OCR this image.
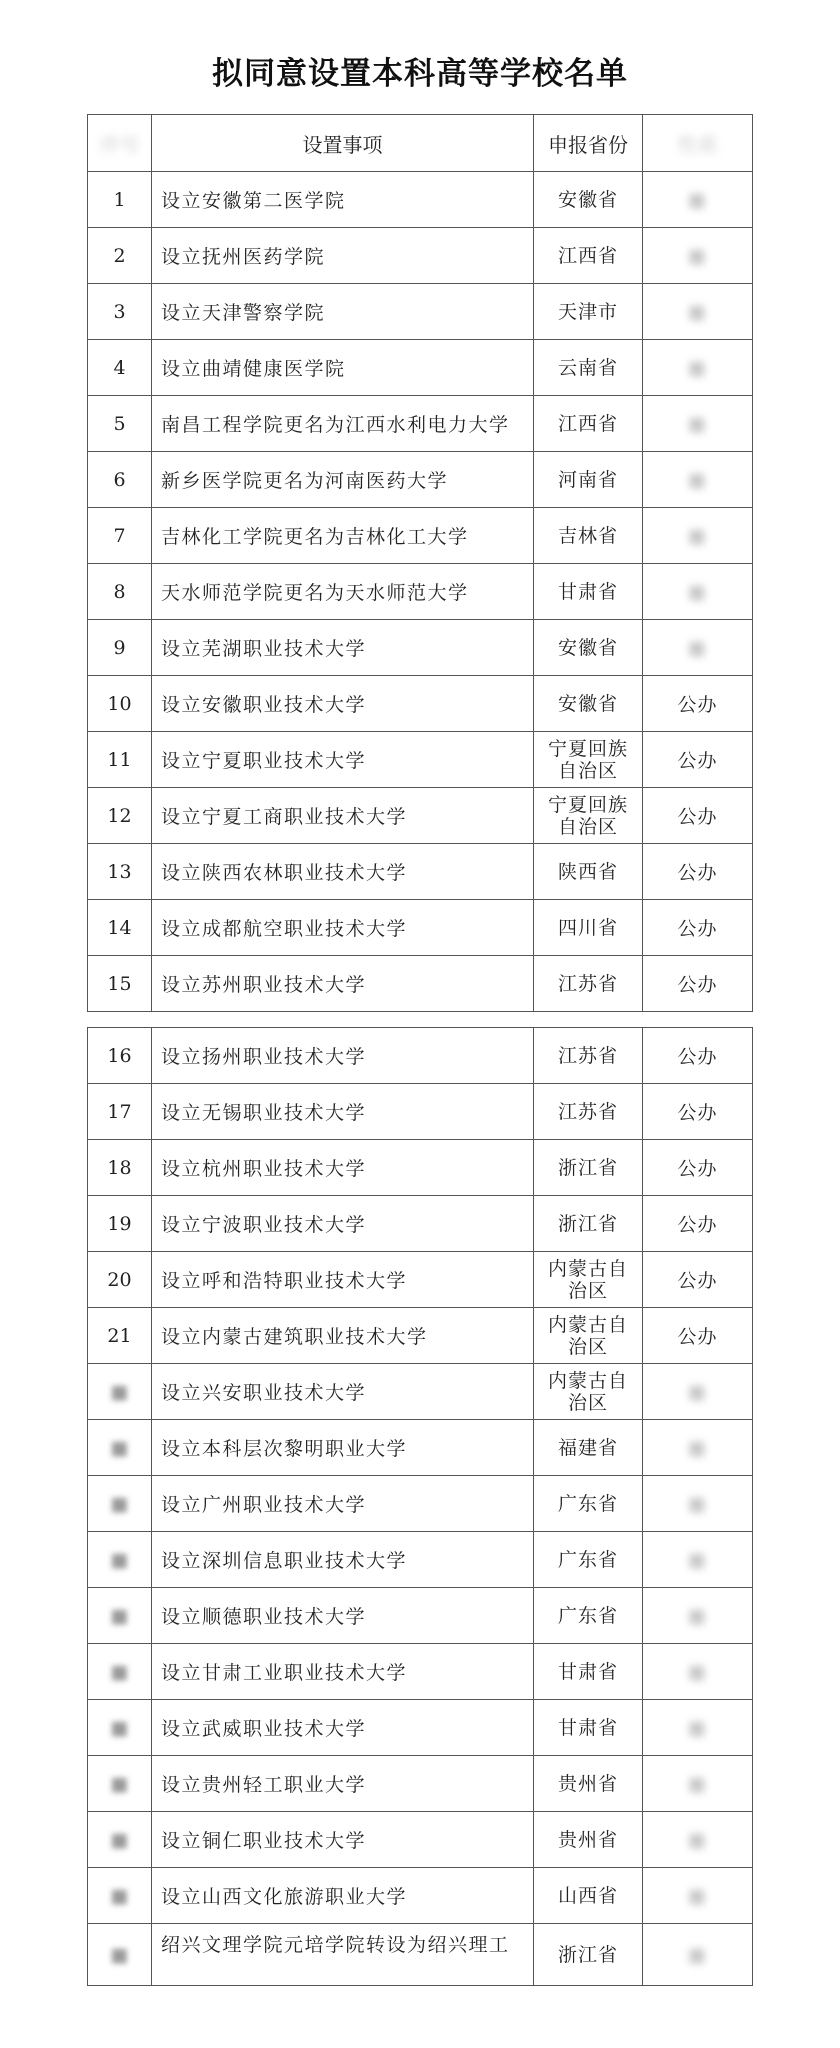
拟同意设置本科高等学校名单
序号	设置事项	申报省份	性质
1	设立安徽第二医学院	安徽省	■
2	设立抚州医药学院	江西省	■
3	设立天津警察学院	天津市	■
4	设立曲靖健康医学院	云南省	■
5	南昌工程学院更名为江西水利电力大学	江西省	■
6	新乡医学院更名为河南医药大学	河南省	■
7	吉林化工学院更名为吉林化工大学	吉林省	■
8	天水师范学院更名为天水师范大学	甘肃省	■
9	设立芜湖职业技术大学	安徽省	■
10	设立安徽职业技术大学	安徽省	公办
11	设立宁夏职业技术大学	宁夏回族
自治区	公办
12	设立宁夏工商职业技术大学	宁夏回族
自治区	公办
13	设立陕西农林职业技术大学	陕西省	公办
14	设立成都航空职业技术大学	四川省	公办
15	设立苏州职业技术大学	江苏省	公办
16	设立扬州职业技术大学	江苏省	公办
17	设立无锡职业技术大学	江苏省	公办
18	设立杭州职业技术大学	浙江省	公办
19	设立宁波职业技术大学	浙江省	公办
20	设立呼和浩特职业技术大学	内蒙古自
治区	公办
21	设立内蒙古建筑职业技术大学	内蒙古自
治区	公办
■	设立兴安职业技术大学	内蒙古自
治区	■
■	设立本科层次黎明职业大学	福建省	■
■	设立广州职业技术大学	广东省	■
■	设立深圳信息职业技术大学	广东省	■
■	设立顺德职业技术大学	广东省	■
■	设立甘肃工业职业技术大学	甘肃省	■
■	设立武威职业技术大学	甘肃省	■
■	设立贵州轻工职业大学	贵州省	■
■	设立铜仁职业技术大学	贵州省	■
■	设立山西文化旅游职业大学	山西省	■
■	绍兴文理学院元培学院转设为绍兴理工	浙江省	■
